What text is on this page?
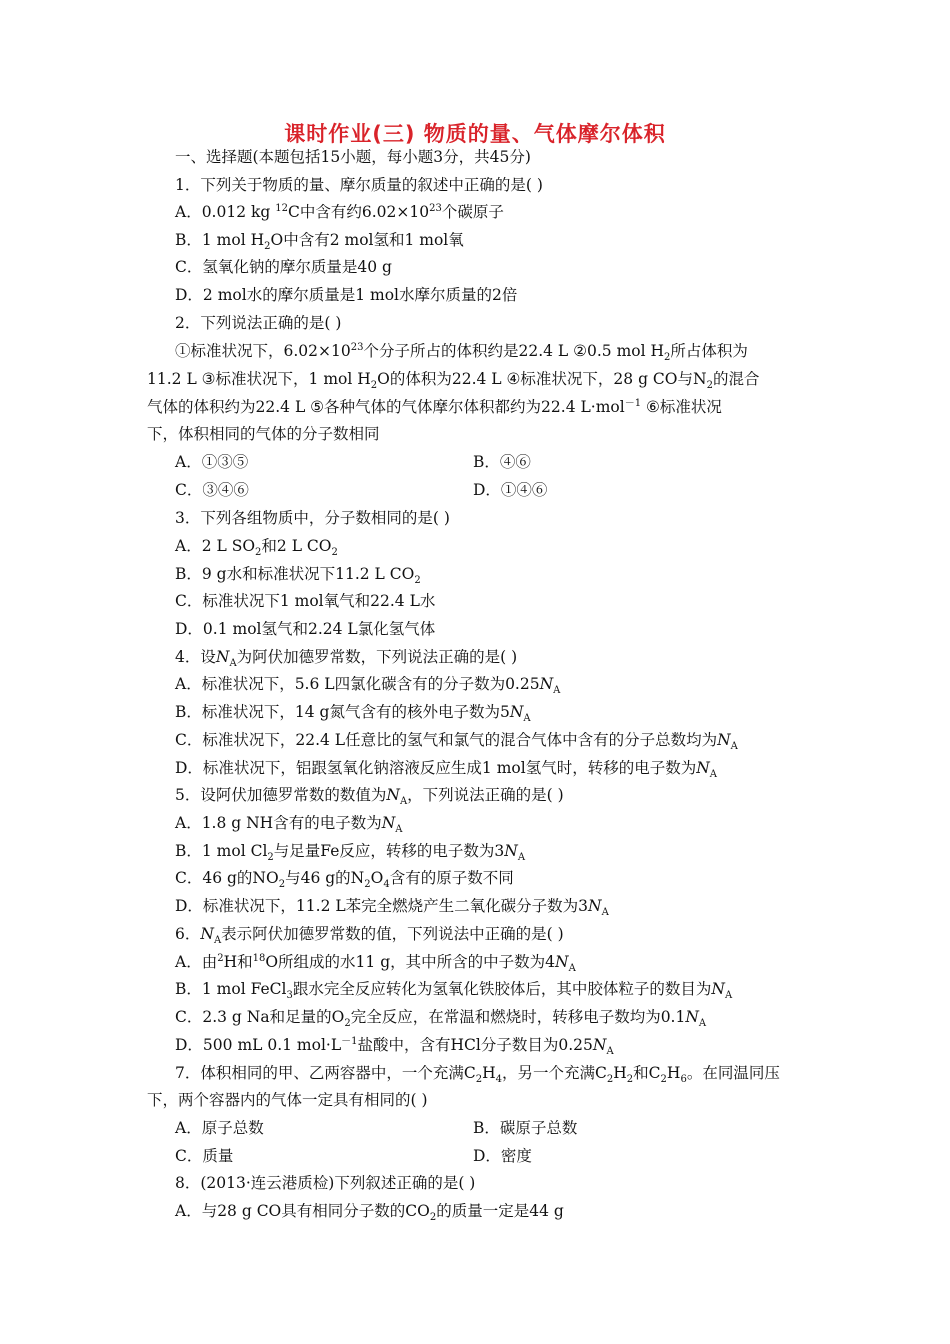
课时作业(三) 物质的量、气体摩尔体积
一、选择题(本题包括15小题，每小题3分，共45分)
1．下列关于物质的量、摩尔质量的叙述中正确的是( )
A．0.012 kg $^{12}$C中含有约$6.02\times 10^{23}$个碳原子
B．1 mol $H_2O$中含有2 mol氢和1 mol氧
C．氢氧化钠的摩尔质量是40 g
D．2 mol水的摩尔质量是1 mol水摩尔质量的2倍
2．下列说法正确的是( )
①标准状况下，$6.02\times 10^{23}$个分子所占的体积约是22.4 L ②0.5 mol $H_2$所占体积为
11.2 L ③标准状况下，1 mol $H_2O$的体积为22.4 L ④标准状况下，28 g CO与$N_2$的混合
气体的体积约为22.4 L ⑤各种气体的气体摩尔体积都约为22.4 L·mol$^{-1}$ ⑥标准状况
下，体积相同的气体的分子数相同
A．①③⑤	B．④⑥
C．③④⑥	D．①④⑥
3．下列各组物质中，分子数相同的是( )
A．2 L $SO_2$和2 L $CO_2$
B．9 g水和标准状况下11.2 L $CO_2$
C．标准状况下1 mol氧气和22.4 L水
D．0.1 mol氢气和2.24 L氯化氢气体
4．设$N_A$为阿伏加德罗常数，下列说法正确的是( )
A．标准状况下，5.6 L四氯化碳含有的分子数为$0.25N_A$
B．标准状况下，14 g氮气含有的核外电子数为$5N_A$
C．标准状况下，22.4 L任意比的氢气和氯气的混合气体中含有的分子总数均为$N_A$
D．标准状况下，铝跟氢氧化钠溶液反应生成1 mol氢气时，转移的电子数为$N_A$
5．设阿伏加德罗常数的数值为$N_A$，下列说法正确的是( )
A．1.8 g NH含有的电子数为$N_A$
B．1 mol $Cl_2$与足量Fe反应，转移的电子数为$3N_A$
C．46 g的$NO_2$与46 g的$N_2O_4$含有的原子数不同
D．标准状况下，11.2 L苯完全燃烧产生二氧化碳分子数为$3N_A$
6．$N_A$表示阿伏加德罗常数的值，下列说法中正确的是( )
A．由$^2$H和$^{18}$O所组成的水11 g，其中所含的中子数为$4N_A$
B．1 mol FeCl$_3$跟水完全反应转化为氢氧化铁胶体后，其中胶体粒子的数目为$N_A$
C．2.3 g Na和足量的$O_2$完全反应，在常温和燃烧时，转移电子数均为$0.1N_A$
D．500 mL 0.1 $mol\cdot L^{-1}$盐酸中，含有HCl分子数目为$0.25N_A$
7．体积相同的甲、乙两容器中，一个充满$C_2H_4$，另一个充满$C_2H_2$和$C_2H_6$。在同温同压
下，两个容器内的气体一定具有相同的( )
A．原子总数	B．碳原子总数
C．质量	D．密度
8．(2013·连云港质检)下列叙述正确的是( )
A．与28 g CO具有相同分子数的$CO_2$的质量一定是44 g
